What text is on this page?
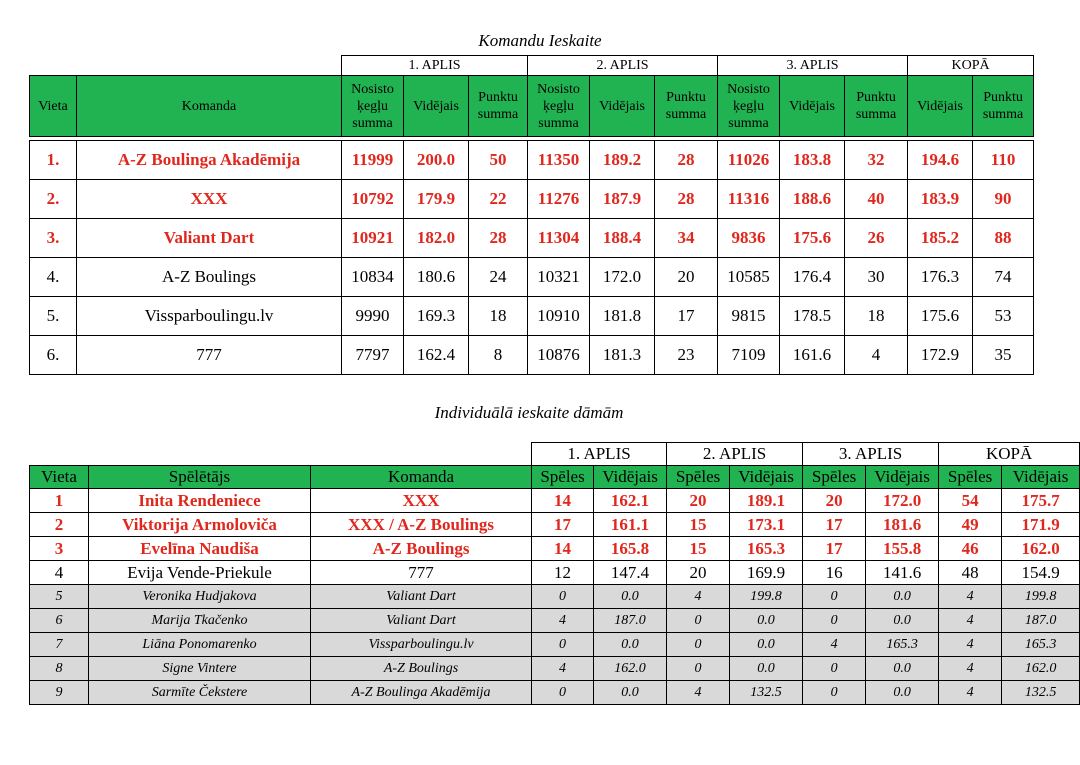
Komandu Ieskaite
		1. APLIS			2. APLIS			3. APLIS			KOPĀ	
Vieta	Komanda	Nosisto ķegļu summa	Vidējais	Punktu summa	Nosisto ķegļu summa	Vidējais	Punktu summa	Nosisto ķegļu summa	Vidējais	Punktu summa	Vidējais	Punktu summa

1.	A-Z Boulinga Akadēmija	11999	200.0	50	11350	189.2	28	11026	183.8	32	194.6	110
2.	XXX	10792	179.9	22	11276	187.9	28	11316	188.6	40	183.9	90
3.	Valiant Dart	10921	182.0	28	11304	188.4	34	9836	175.6	26	185.2	88
4.	A-Z Boulings	10834	180.6	24	10321	172.0	20	10585	176.4	30	176.3	74
5.	Vissparboulingu.lv	9990	169.3	18	10910	181.8	17	9815	178.5	18	175.6	53
6.	777	7797	162.4	8	10876	181.3	23	7109	161.6	4	172.9	35
Individuālā ieskaite dāmām
			1. APLIS		2. APLIS		3. APLIS		KOPĀ	
Vieta	Spēlētājs	Komanda	Spēles	Vidējais	Spēles	Vidējais	Spēles	Vidējais	Spēles	Vidējais
1	Inita Rendeniece	XXX	14	162.1	20	189.1	20	172.0	54	175.7
2	Viktorija Armoloviča	XXX / A-Z Boulings	17	161.1	15	173.1	17	181.6	49	171.9
3	Evelīna Naudiša	A-Z Boulings	14	165.8	15	165.3	17	155.8	46	162.0
4	Evija Vende-Priekule	777	12	147.4	20	169.9	16	141.6	48	154.9
5	Veronika Hudjakova	Valiant Dart	0	0.0	4	199.8	0	0.0	4	199.8
6	Marija Tkačenko	Valiant Dart	4	187.0	0	0.0	0	0.0	4	187.0
7	Liāna Ponomarenko	Vissparboulingu.lv	0	0.0	0	0.0	4	165.3	4	165.3
8	Signe Vintere	A-Z Boulings	4	162.0	0	0.0	0	0.0	4	162.0
9	Sarmīte Čekstere	A-Z Boulinga Akadēmija	0	0.0	4	132.5	0	0.0	4	132.5
